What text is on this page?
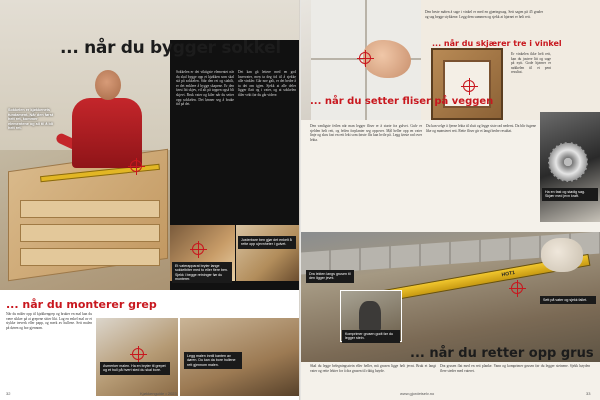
Sokkelen er kjøkkenets fundament. Når den først helt ret, kommer elementene og all til å bli helt ret.
Sokkelen er det viktigste elementet når du skal bygge opp et kjøkken som skal stå på sokkelen. Står den ret og stabilt, er det enklere å bygge skapene. Er den først litt skjev, vil alt på toppen også bli skjevt. Bruk vater og kiler når du setter opp sokkelen. Det lønner seg å bruke tid på det.
Det kan gå lettere med en god laservater, men ta deg tid til å sjekke alle vinkler. Går noe galt, er det bedre å ta det om igjen. Sjekk at alle deler ligger flatt og i vater, og at sokkelen tåler vekt før du går videre.
... når du bygger sokkel
Et vaterapparat bryter lange sokkelbiter med to eller flere ben. Sjekk i begge retninger før du monterer.
Justerbare ben gjør det enkelt å rette opp ujevnheter i gulvet.
... når du monterer grep
Når du måler opp til kjøkkengrep og bruker en mal kan du være sikker på at grepene sitter likt. Lag en enkel mal av et stykke treverk eller papp, og merk av hullene. Sett malen på døren og bor gjennom.
Avmerker malen. Ha en bryter til grepet og et hull på hvert sted du skal bore.
Legg malen inntil kanten av døren. Du kan da bore hullene rett gjennom malen.
32	Kjøkkenguide • 2023
Den beste måten å sage i vinkel er med en gjæringssag. Sett sagen på 45 grader og sag begge stykkene. Legg dem sammen og sjekk at hjørnet er helt rett.
Er vinkelen ikke helt rett, kan du justere litt og sage på nytt. Gode hjørner er nøkkelen til et pent resultat.
... når du skjærer tre i vinkel
Ha en fast og stødig sag. Skjær med jevn kraft.
... når du setter fliser på veggen
Den vanligste feilen når man legger fliser er å starte fra gulvet. Gulv er sjelden helt rett, og feilen forplanter seg oppover. Mål heller opp en vater linje og skru fast en rett lekt som første flis kan hvile på. Legg første rad over lekta.
Du kan velge å fjerne lekta til slutt og legge siste rad nederst. Da blir fugene like og mønsteret rett. Rette fliser gir et langt bedre resultat.
HOT1
Dra lekten langs grusen til den ligger jevnt.
Sett på vater og sjekk fallet.
Komprimer grusen godt før du legger stein.
... når du retter opp grus
Skal du legge belegningsstein eller heller, må grusen ligge helt jevnt. Bruk et langt vater og rette lekter for å dra grusen til riktig høyde.
Dra grusen flat med en rett planke. Vann og komprimer grusen før du legger steinene. Sjekk høyden flere steder med vateret.
www.gjordetselv.no	33
